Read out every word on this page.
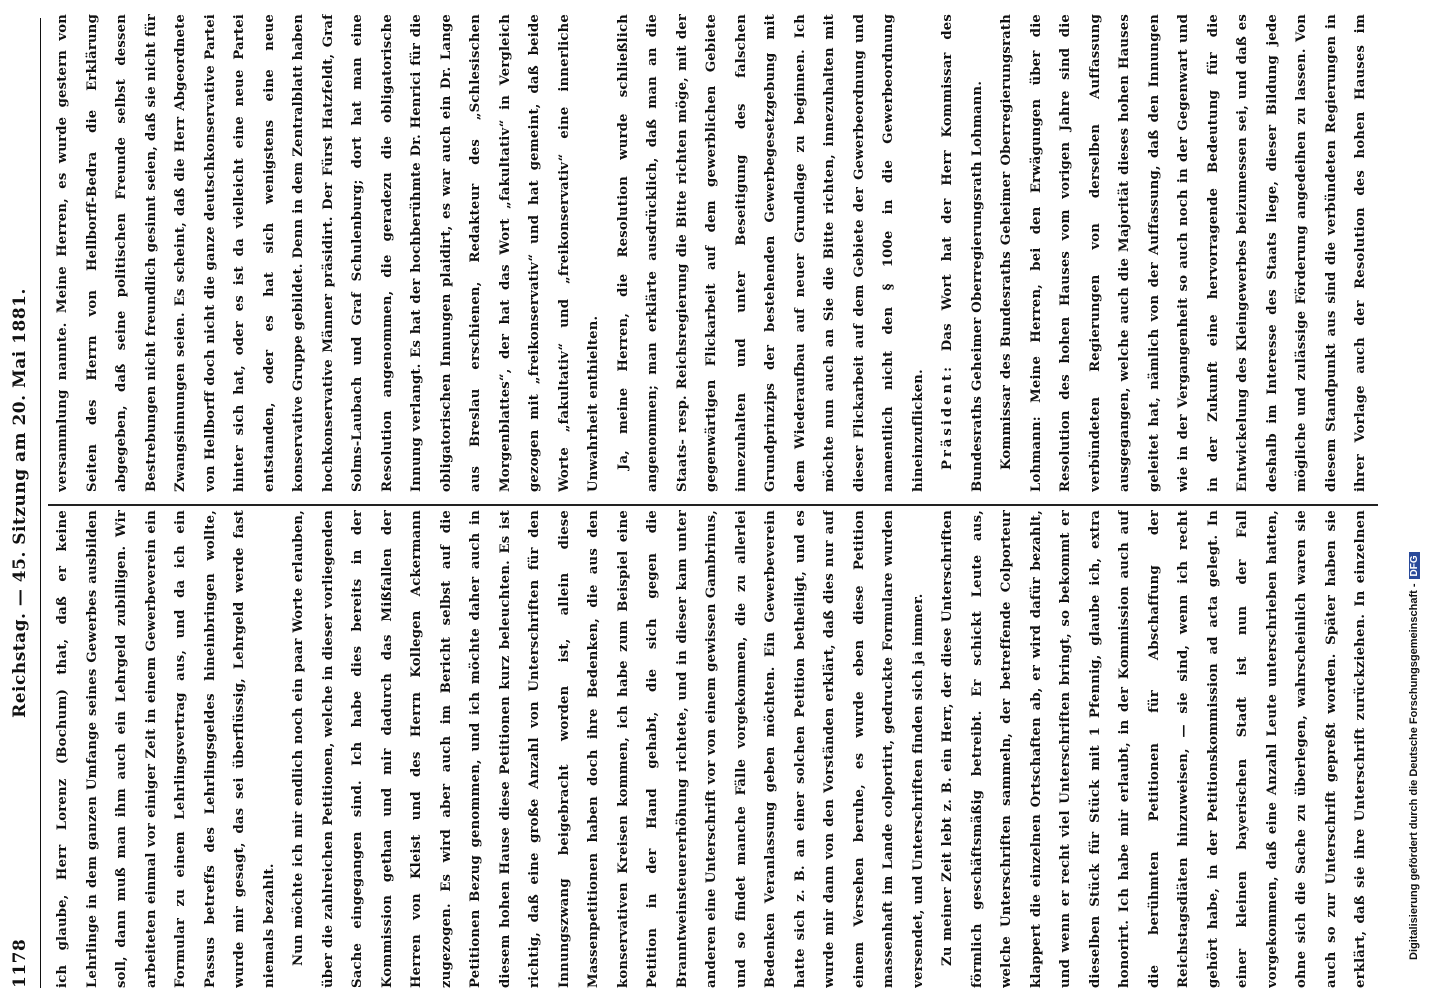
1178
Reichstag. — 45. Sitzung am 20. Mai 1881.

ich glaube, Herr Lorenz (Bochum) that, daß er keine Lehrlinge in dem ganzen Umfange seines Gewerbes ausbilden soll, dann muß man ihm auch ein Lehrgeld zubilligen. Wir arbeiteten einmal vor einiger Zeit in einem Gewerbeverein ein Formular zu einem Lehrlingsvertrag aus, und da ich ein Passus betreffs des Lehrlingsgeldes hineinbringen wollte, wurde mir gesagt, das sei überflüssig, Lehrgeld werde fast niemals bezahlt.	Nun möchte ich mir endlich noch ein paar Worte erlauben, über die zahlreichen Petitionen, welche in dieser vorliegenden Sache eingegangen sind. Ich habe dies bereits in der Kommission gethan und mir dadurch das Mißfallen der Herren von Kleist und des Herrn Kollegen Ackermann zugezogen. Es wird aber auch im Bericht selbst auf die Petitionen Bezug genommen, und ich möchte daher auch in diesem hohen Hause diese Petitionen kurz beleuchten. Es ist richtig, daß eine große Anzahl von Unterschriften für den Innungszwang beigebracht worden ist, allein diese Massenpetitionen haben doch ihre Bedenken, die aus den konservativen Kreisen kommen, ich habe zum Beispiel eine Petition in der Hand gehabt, die sich gegen die Branntweinsteuererhöhung richtete, und in dieser kam unter anderen eine Unterschrift vor von einem gewissen Gambrinus, und so findet manche Fälle vorgekommen, die zu allerlei Bedenken Veranlassung geben möchten. Ein Gewerbeverein hatte sich z. B. an einer solchen Petition betheiligt, und es wurde mir dann von den Vorständen erklärt, daß dies nur auf einem Versehen beruhe, es wurde eben diese Petition massenhaft im Lande colportirt, gedruckte Formulare wurden versendet, und Unterschriften finden sich ja immer.	Zu meiner Zeit lebt z. B. ein Herr, der diese Unterschriften förmlich geschäftsmäßig betreibt. Er schickt Leute aus, welche Unterschriften sammeln, der betreffende Colporteur klappert die einzelnen Ortschaften ab, er wird dafür bezahlt, und wenn er recht viel Unterschriften bringt, so bekommt er dieselben Stück für Stück mit 1 Pfennig, glaube ich, extra honorirt. Ich habe mir erlaubt, in der Kommission auch auf die berühmten Petitionen für Abschaffung der Reichstagsdiäten hinzuweisen, — sie sind, wenn ich recht gehört habe, in der Petitionskommission ad acta gelegt. In einer kleinen bayerischen Stadt ist nun der Fall vorgekommen, daß eine Anzahl Leute unterschrieben hatten, ohne sich die Sache zu überlegen, wahrscheinlich waren sie auch so zur Unterschrift gepreßt worden. Später haben sie erklärt, daß sie ihre Unterschrift zurückziehen. In einzelnen

versammlung nannte. Meine Herren, es wurde gestern von Seiten des Herrn von Hellborff-Bedra die Erklärung abgegeben, daß seine politischen Freunde selbst dessen Bestrebungen nicht freundlich gesinnt seien, daß sie nicht für Zwangsinnungen seien. Es scheint, daß die Herr Abgeordnete von Hellborff doch nicht die ganze deutschkonservative Partei hinter sich hat, oder es ist da vielleicht eine neue Partei entstanden, oder es hat sich wenigstens eine neue konservative Gruppe gebildet. Denn in dem Zentralblatt haben hochkonservative Männer präsidirt. Der Fürst Hatzfeldt, Graf Solms-Laubach und Graf Schulenburg; dort hat man eine Resolution angenommen, die geradezu die obligatorische Innung verlangt. Es hat der hochberühmte Dr. Henrici für die obligatorischen Innungen plaidirt, es war auch ein Dr. Lange aus Breslau erschienen, Redakteur des „Schlesischen Morgenblattes“, der hat das Wort „fakultativ“ in Vergleich gezogen mit „freikonservativ“ und hat gemeint, daß beide Worte „fakultativ“ und „freikonservativ“ eine innerliche Unwahrheit enthielten.	Ja, meine Herren, die Resolution wurde schließlich angenommen; man erklärte ausdrücklich, daß man an die Staats- resp. Reichsregierung die Bitte richten möge, mit der gegenwärtigen Flickarbeit auf dem gewerblichen Gebiete innezuhalten und unter Beseitigung des falschen Grundprinzips der bestehenden Gewerbegesetzgebung mit dem Wiederaufbau auf neuer Grundlage zu beginnen. Ich möchte nun auch an Sie die Bitte richten, innezuhalten mit dieser Flickarbeit auf dem Gebiete der Gewerbeordnung und namentlich nicht den § 100e in die Gewerbeordnung hineinzuflicken.	Präsident: Das Wort hat der Herr Kommissar des Bundesraths Geheimer Oberregierungsrath Lohmann.	Kommissar des Bundesraths Geheimer Oberregierungsrath Lohmann: Meine Herren, bei den Erwägungen über die Resolution des hohen Hauses vom vorigen Jahre sind die verbündeten Regierungen von derselben Auffassung ausgegangen, welche auch die Majorität dieses hohen Hauses geleitet hat, nämlich von der Auffassung, daß den Innungen wie in der Vergangenheit so auch noch in der Gegenwart und in der Zukunft eine hervorragende Bedeutung für die Entwickelung des Kleingewerbes beizumessen sei, und daß es deshalb im Interesse des Staats liege, dieser Bildung jede mögliche und zulässige Förderung angedeihen zu lassen. Von diesem Standpunkt aus sind die verbündeten Regierungen in ihrer Vorlage auch der Resolution des hohen Hauses im

Digitalisierung gefördert durch die Deutsche Forschungsgemeinschaft -DFG
